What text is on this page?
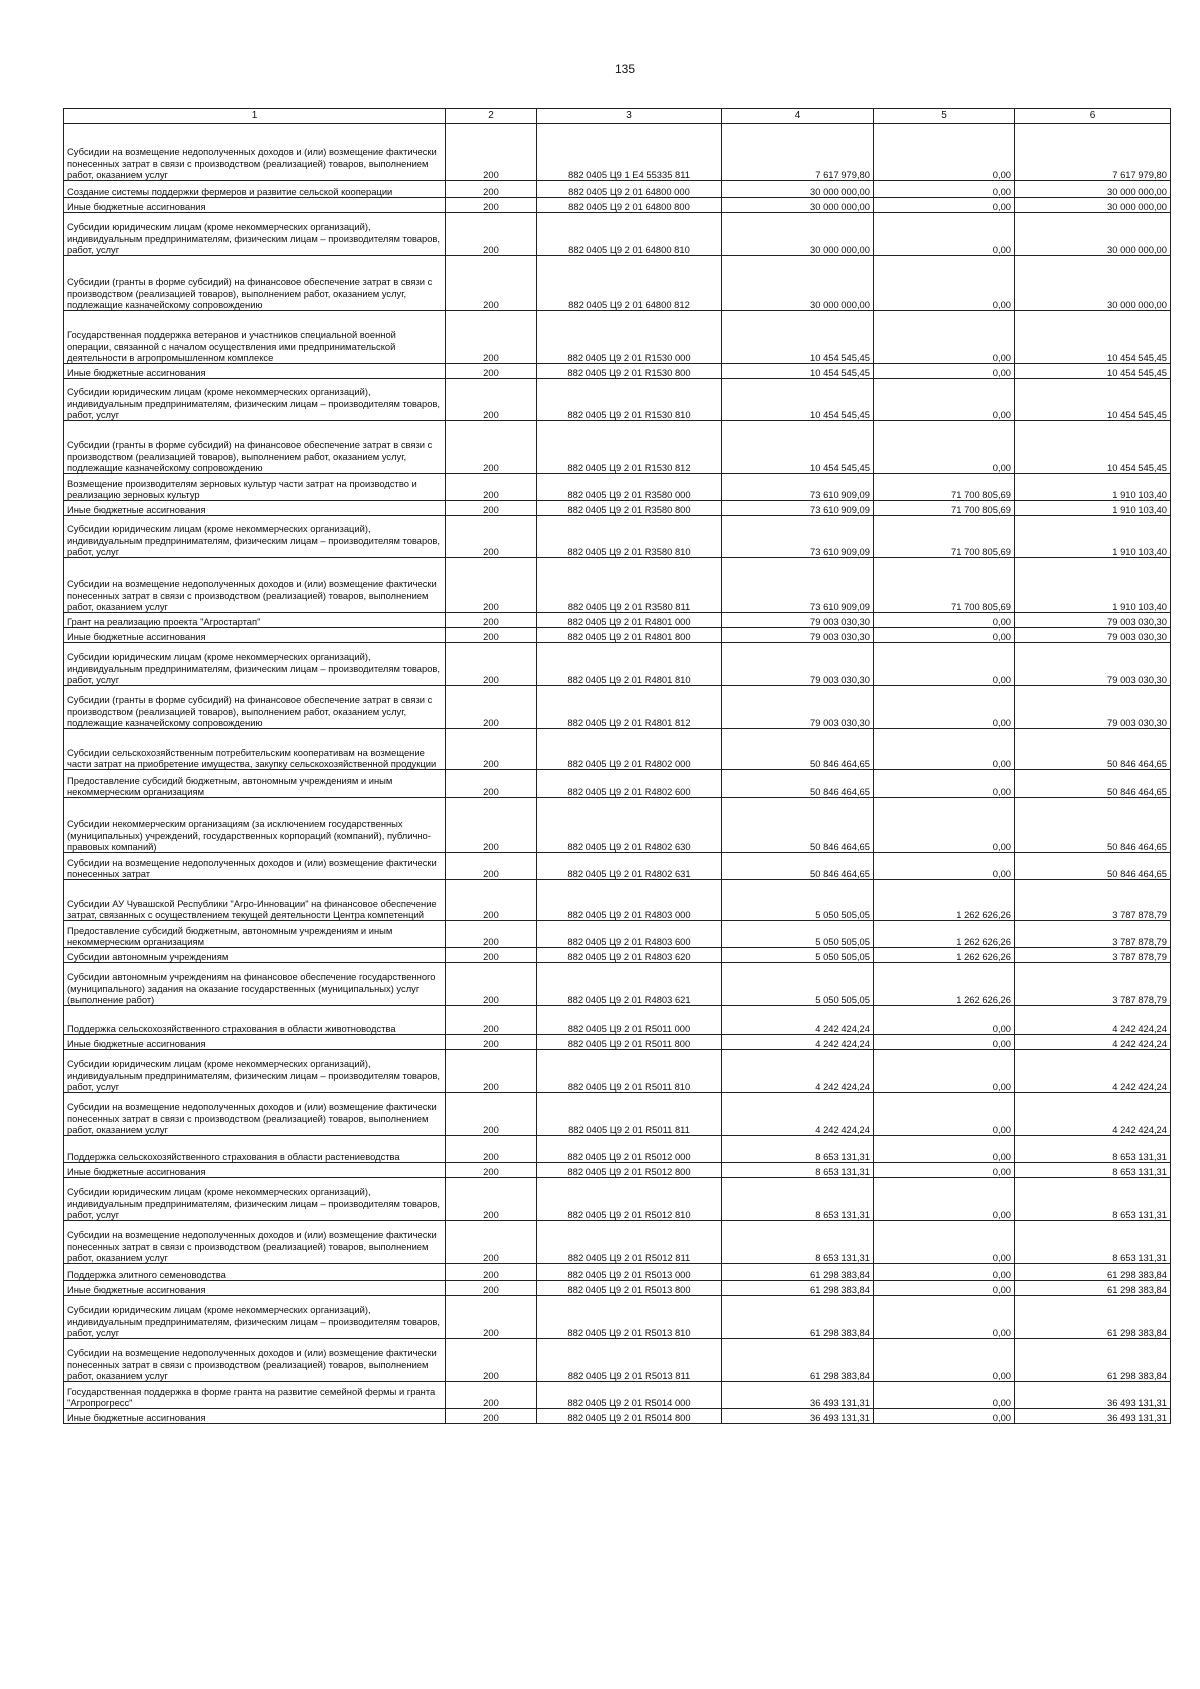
135
1	2	3	4	5	6
Субсидии на возмещение недополученных доходов и (или) возмещение фактически понесенных затрат в связи с производством (реализацией) товаров, выполнением работ, оказанием услуг	200	882 0405 Ц9 1 Е4 55335 811	7 617 979,80	0,00	7 617 979,80
Создание системы поддержки фермеров и развитие сельской кооперации	200	882 0405 Ц9 2 01 64800 000	30 000 000,00	0,00	30 000 000,00
Иные бюджетные ассигнования	200	882 0405 Ц9 2 01 64800 800	30 000 000,00	0,00	30 000 000,00
Субсидии юридическим лицам (кроме некоммерческих организаций), индивидуальным предпринимателям, физическим лицам – производителям товаров, работ, услуг	200	882 0405 Ц9 2 01 64800 810	30 000 000,00	0,00	30 000 000,00
Субсидии (гранты в форме субсидий) на финансовое обеспечение затрат в связи с производством (реализацией товаров), выполнением работ, оказанием услуг, подлежащие казначейскому сопровождению	200	882 0405 Ц9 2 01 64800 812	30 000 000,00	0,00	30 000 000,00
Государственная поддержка ветеранов и участников специальной военной операции, связанной с началом осуществления ими предпринимательской деятельности в агропромышленном комплексе	200	882 0405 Ц9 2 01 R1530 000	10 454 545,45	0,00	10 454 545,45
Иные бюджетные ассигнования	200	882 0405 Ц9 2 01 R1530 800	10 454 545,45	0,00	10 454 545,45
Субсидии юридическим лицам (кроме некоммерческих организаций), индивидуальным предпринимателям, физическим лицам – производителям товаров, работ, услуг	200	882 0405 Ц9 2 01 R1530 810	10 454 545,45	0,00	10 454 545,45
Субсидии (гранты в форме субсидий) на финансовое обеспечение затрат в связи с производством (реализацией товаров), выполнением работ, оказанием услуг, подлежащие казначейскому сопровождению	200	882 0405 Ц9 2 01 R1530 812	10 454 545,45	0,00	10 454 545,45
Возмещение производителям зерновых культур части затрат на производство и реализацию зерновых культур	200	882 0405 Ц9 2 01 R3580 000	73 610 909,09	71 700 805,69	1 910 103,40
Иные бюджетные ассигнования	200	882 0405 Ц9 2 01 R3580 800	73 610 909,09	71 700 805,69	1 910 103,40
Субсидии юридическим лицам (кроме некоммерческих организаций), индивидуальным предпринимателям, физическим лицам – производителям товаров, работ, услуг	200	882 0405 Ц9 2 01 R3580 810	73 610 909,09	71 700 805,69	1 910 103,40
Субсидии на возмещение недополученных доходов и (или) возмещение фактически понесенных затрат в связи с производством (реализацией) товаров, выполнением работ, оказанием услуг	200	882 0405 Ц9 2 01 R3580 811	73 610 909,09	71 700 805,69	1 910 103,40
Грант на реализацию проекта "Агростартап"	200	882 0405 Ц9 2 01 R4801 000	79 003 030,30	0,00	79 003 030,30
Иные бюджетные ассигнования	200	882 0405 Ц9 2 01 R4801 800	79 003 030,30	0,00	79 003 030,30
Субсидии юридическим лицам (кроме некоммерческих организаций), индивидуальным предпринимателям, физическим лицам – производителям товаров, работ, услуг	200	882 0405 Ц9 2 01 R4801 810	79 003 030,30	0,00	79 003 030,30
Субсидии (гранты в форме субсидий) на финансовое обеспечение затрат в связи с производством (реализацией товаров), выполнением работ, оказанием услуг, подлежащие казначейскому сопровождению	200	882 0405 Ц9 2 01 R4801 812	79 003 030,30	0,00	79 003 030,30
Субсидии сельскохозяйственным потребительским кооперативам на возмещение части затрат на приобретение имущества, закупку сельскохозяйственной продукции	200	882 0405 Ц9 2 01 R4802 000	50 846 464,65	0,00	50 846 464,65
Предоставление субсидий бюджетным, автономным учреждениям и иным некоммерческим организациям	200	882 0405 Ц9 2 01 R4802 600	50 846 464,65	0,00	50 846 464,65
Субсидии некоммерческим организациям (за исключением государственных (муниципальных) учреждений, государственных корпораций (компаний), публично-правовых компаний)	200	882 0405 Ц9 2 01 R4802 630	50 846 464,65	0,00	50 846 464,65
Субсидии на возмещение недополученных доходов и (или) возмещение фактически понесенных затрат	200	882 0405 Ц9 2 01 R4802 631	50 846 464,65	0,00	50 846 464,65
Субсидии АУ Чувашской Республики "Агро-Инновации" на финансовое обеспечение затрат, связанных с осуществлением текущей деятельности Центра компетенций	200	882 0405 Ц9 2 01 R4803 000	5 050 505,05	1 262 626,26	3 787 878,79
Предоставление субсидий бюджетным, автономным учреждениям и иным некоммерческим организациям	200	882 0405 Ц9 2 01 R4803 600	5 050 505,05	1 262 626,26	3 787 878,79
Субсидии автономным учреждениям	200	882 0405 Ц9 2 01 R4803 620	5 050 505,05	1 262 626,26	3 787 878,79
Субсидии автономным учреждениям на финансовое обеспечение государственного (муниципального) задания на оказание государственных (муниципальных) услуг (выполнение работ)	200	882 0405 Ц9 2 01 R4803 621	5 050 505,05	1 262 626,26	3 787 878,79
Поддержка сельскохозяйственного страхования в области животноводства	200	882 0405 Ц9 2 01 R5011 000	4 242 424,24	0,00	4 242 424,24
Иные бюджетные ассигнования	200	882 0405 Ц9 2 01 R5011 800	4 242 424,24	0,00	4 242 424,24
Субсидии юридическим лицам (кроме некоммерческих организаций), индивидуальным предпринимателям, физическим лицам – производителям товаров, работ, услуг	200	882 0405 Ц9 2 01 R5011 810	4 242 424,24	0,00	4 242 424,24
Субсидии на возмещение недополученных доходов и (или) возмещение фактически понесенных затрат в связи с производством (реализацией) товаров, выполнением работ, оказанием услуг	200	882 0405 Ц9 2 01 R5011 811	4 242 424,24	0,00	4 242 424,24
Поддержка сельскохозяйственного страхования в области растениеводства	200	882 0405 Ц9 2 01 R5012 000	8 653 131,31	0,00	8 653 131,31
Иные бюджетные ассигнования	200	882 0405 Ц9 2 01 R5012 800	8 653 131,31	0,00	8 653 131,31
Субсидии юридическим лицам (кроме некоммерческих организаций), индивидуальным предпринимателям, физическим лицам – производителям товаров, работ, услуг	200	882 0405 Ц9 2 01 R5012 810	8 653 131,31	0,00	8 653 131,31
Субсидии на возмещение недополученных доходов и (или) возмещение фактически понесенных затрат в связи с производством (реализацией) товаров, выполнением работ, оказанием услуг	200	882 0405 Ц9 2 01 R5012 811	8 653 131,31	0,00	8 653 131,31
Поддержка элитного семеноводства	200	882 0405 Ц9 2 01 R5013 000	61 298 383,84	0,00	61 298 383,84
Иные бюджетные ассигнования	200	882 0405 Ц9 2 01 R5013 800	61 298 383,84	0,00	61 298 383,84
Субсидии юридическим лицам (кроме некоммерческих организаций), индивидуальным предпринимателям, физическим лицам – производителям товаров, работ, услуг	200	882 0405 Ц9 2 01 R5013 810	61 298 383,84	0,00	61 298 383,84
Субсидии на возмещение недополученных доходов и (или) возмещение фактически понесенных затрат в связи с производством (реализацией) товаров, выполнением работ, оказанием услуг	200	882 0405 Ц9 2 01 R5013 811	61 298 383,84	0,00	61 298 383,84
Государственная поддержка в форме гранта на развитие семейной фермы и гранта "Агропрогресс"	200	882 0405 Ц9 2 01 R5014 000	36 493 131,31	0,00	36 493 131,31
Иные бюджетные ассигнования	200	882 0405 Ц9 2 01 R5014 800	36 493 131,31	0,00	36 493 131,31
